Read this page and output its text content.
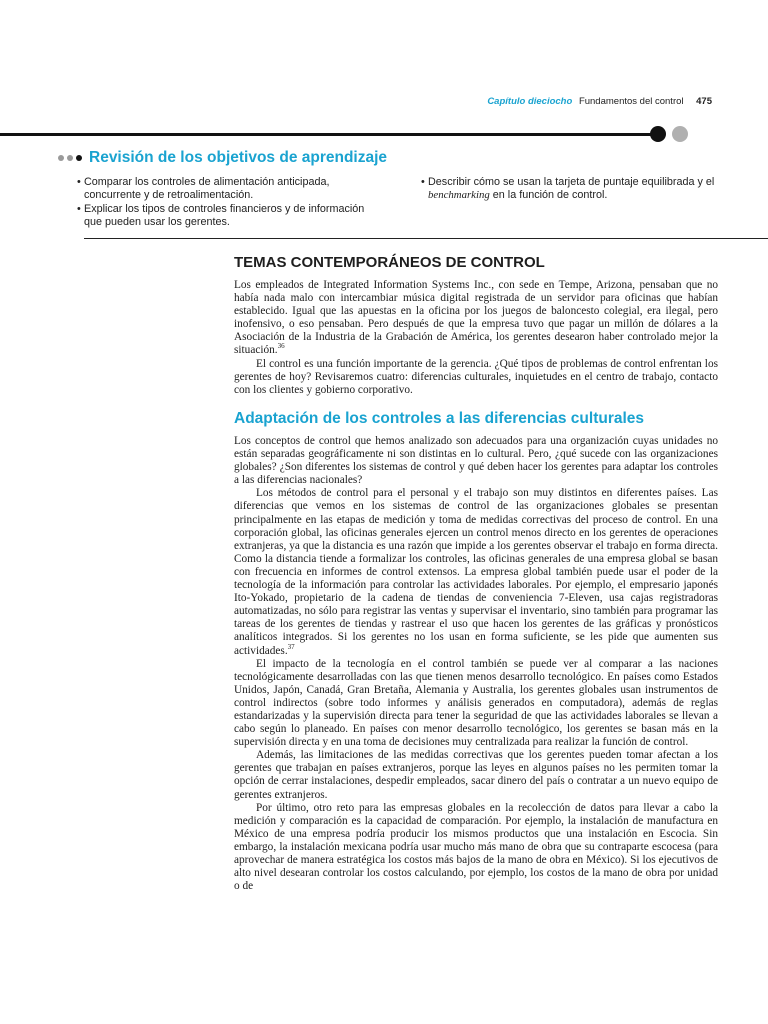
Capítulo dieciocho Fundamentos del control 475
Revisión de los objetivos de aprendizaje
• Comparar los controles de alimentación anticipada, concurrente y de retroalimentación.
• Explicar los tipos de controles financieros y de información que pueden usar los gerentes.
• Describir cómo se usan la tarjeta de puntaje equilibrada y el benchmarking en la función de control.
TEMAS CONTEMPORÁNEOS DE CONTROL

Los empleados de Integrated Information Systems Inc., con sede en Tempe, Arizona, pensaban que no había nada malo con intercambiar música digital registrada de un servidor para oficinas que habían establecido. Igual que las apuestas en la oficina por los juegos de baloncesto colegial, era ilegal, pero inofensivo, o eso pensaban. Pero después de que la empresa tuvo que pagar un millón de dólares a la Asociación de la Industria de la Grabación de América, los gerentes desearon haber controlado mejor la situación.$^{36}$

El control es una función importante de la gerencia. ¿Qué tipos de problemas de control enfrentan los gerentes de hoy? Revisaremos cuatro: diferencias culturales, inquietudes en el centro de trabajo, contacto con los clientes y gobierno corporativo.

Adaptación de los controles a las diferencias culturales

Los conceptos de control que hemos analizado son adecuados para una organización cuyas unidades no están separadas geográficamente ni son distintas en lo cultural. Pero, ¿qué sucede con las organizaciones globales? ¿Son diferentes los sistemas de control y qué deben hacer los gerentes para adaptar los controles a las diferencias nacionales?

Los métodos de control para el personal y el trabajo son muy distintos en diferentes países. Las diferencias que vemos en los sistemas de control de las organizaciones globales se presentan principalmente en las etapas de medición y toma de medidas correctivas del proceso de control. En una corporación global, las oficinas generales ejercen un control menos directo en los gerentes de operaciones extranjeras, ya que la distancia es una razón que impide a los gerentes observar el trabajo en forma directa. Como la distancia tiende a formalizar los controles, las oficinas generales de una empresa global se basan con frecuencia en informes de control extensos. La empresa global también puede usar el poder de la tecnología de la información para controlar las actividades laborales. Por ejemplo, el empresario japonés Ito-Yokado, propietario de la cadena de tiendas de conveniencia 7-Eleven, usa cajas registradoras automatizadas, no sólo para registrar las ventas y supervisar el inventario, sino también para programar las tareas de los gerentes de tiendas y rastrear el uso que hacen los gerentes de las gráficas y pronósticos analíticos integrados. Si los gerentes no los usan en forma suficiente, se les pide que aumenten sus actividades.$^{37}$

El impacto de la tecnología en el control también se puede ver al comparar a las naciones tecnológicamente desarrolladas con las que tienen menos desarrollo tecnológico. En países como Estados Unidos, Japón, Canadá, Gran Bretaña, Alemania y Australia, los gerentes globales usan instrumentos de control indirectos (sobre todo informes y análisis generados en computadora), además de reglas estandarizadas y la supervisión directa para tener la seguridad de que las actividades laborales se llevan a cabo según lo planeado. En países con menor desarrollo tecnológico, los gerentes se basan más en la supervisión directa y en una toma de decisiones muy centralizada para realizar la función de control.

Además, las limitaciones de las medidas correctivas que los gerentes pueden tomar afectan a los gerentes que trabajan en países extranjeros, porque las leyes en algunos países no les permiten tomar la opción de cerrar instalaciones, despedir empleados, sacar dinero del país o contratar a un nuevo equipo de gerentes extranjeros.

Por último, otro reto para las empresas globales en la recolección de datos para llevar a cabo la medición y comparación es la capacidad de comparación. Por ejemplo, la instalación de manufactura en México de una empresa podría producir los mismos productos que una instalación en Escocia. Sin embargo, la instalación mexicana podría usar mucho más mano de obra que su contraparte escocesa (para aprovechar de manera estratégica los costos más bajos de la mano de obra en México). Si los ejecutivos de alto nivel desearan controlar los costos calculando, por ejemplo, los costos de la mano de obra por unidad o de
